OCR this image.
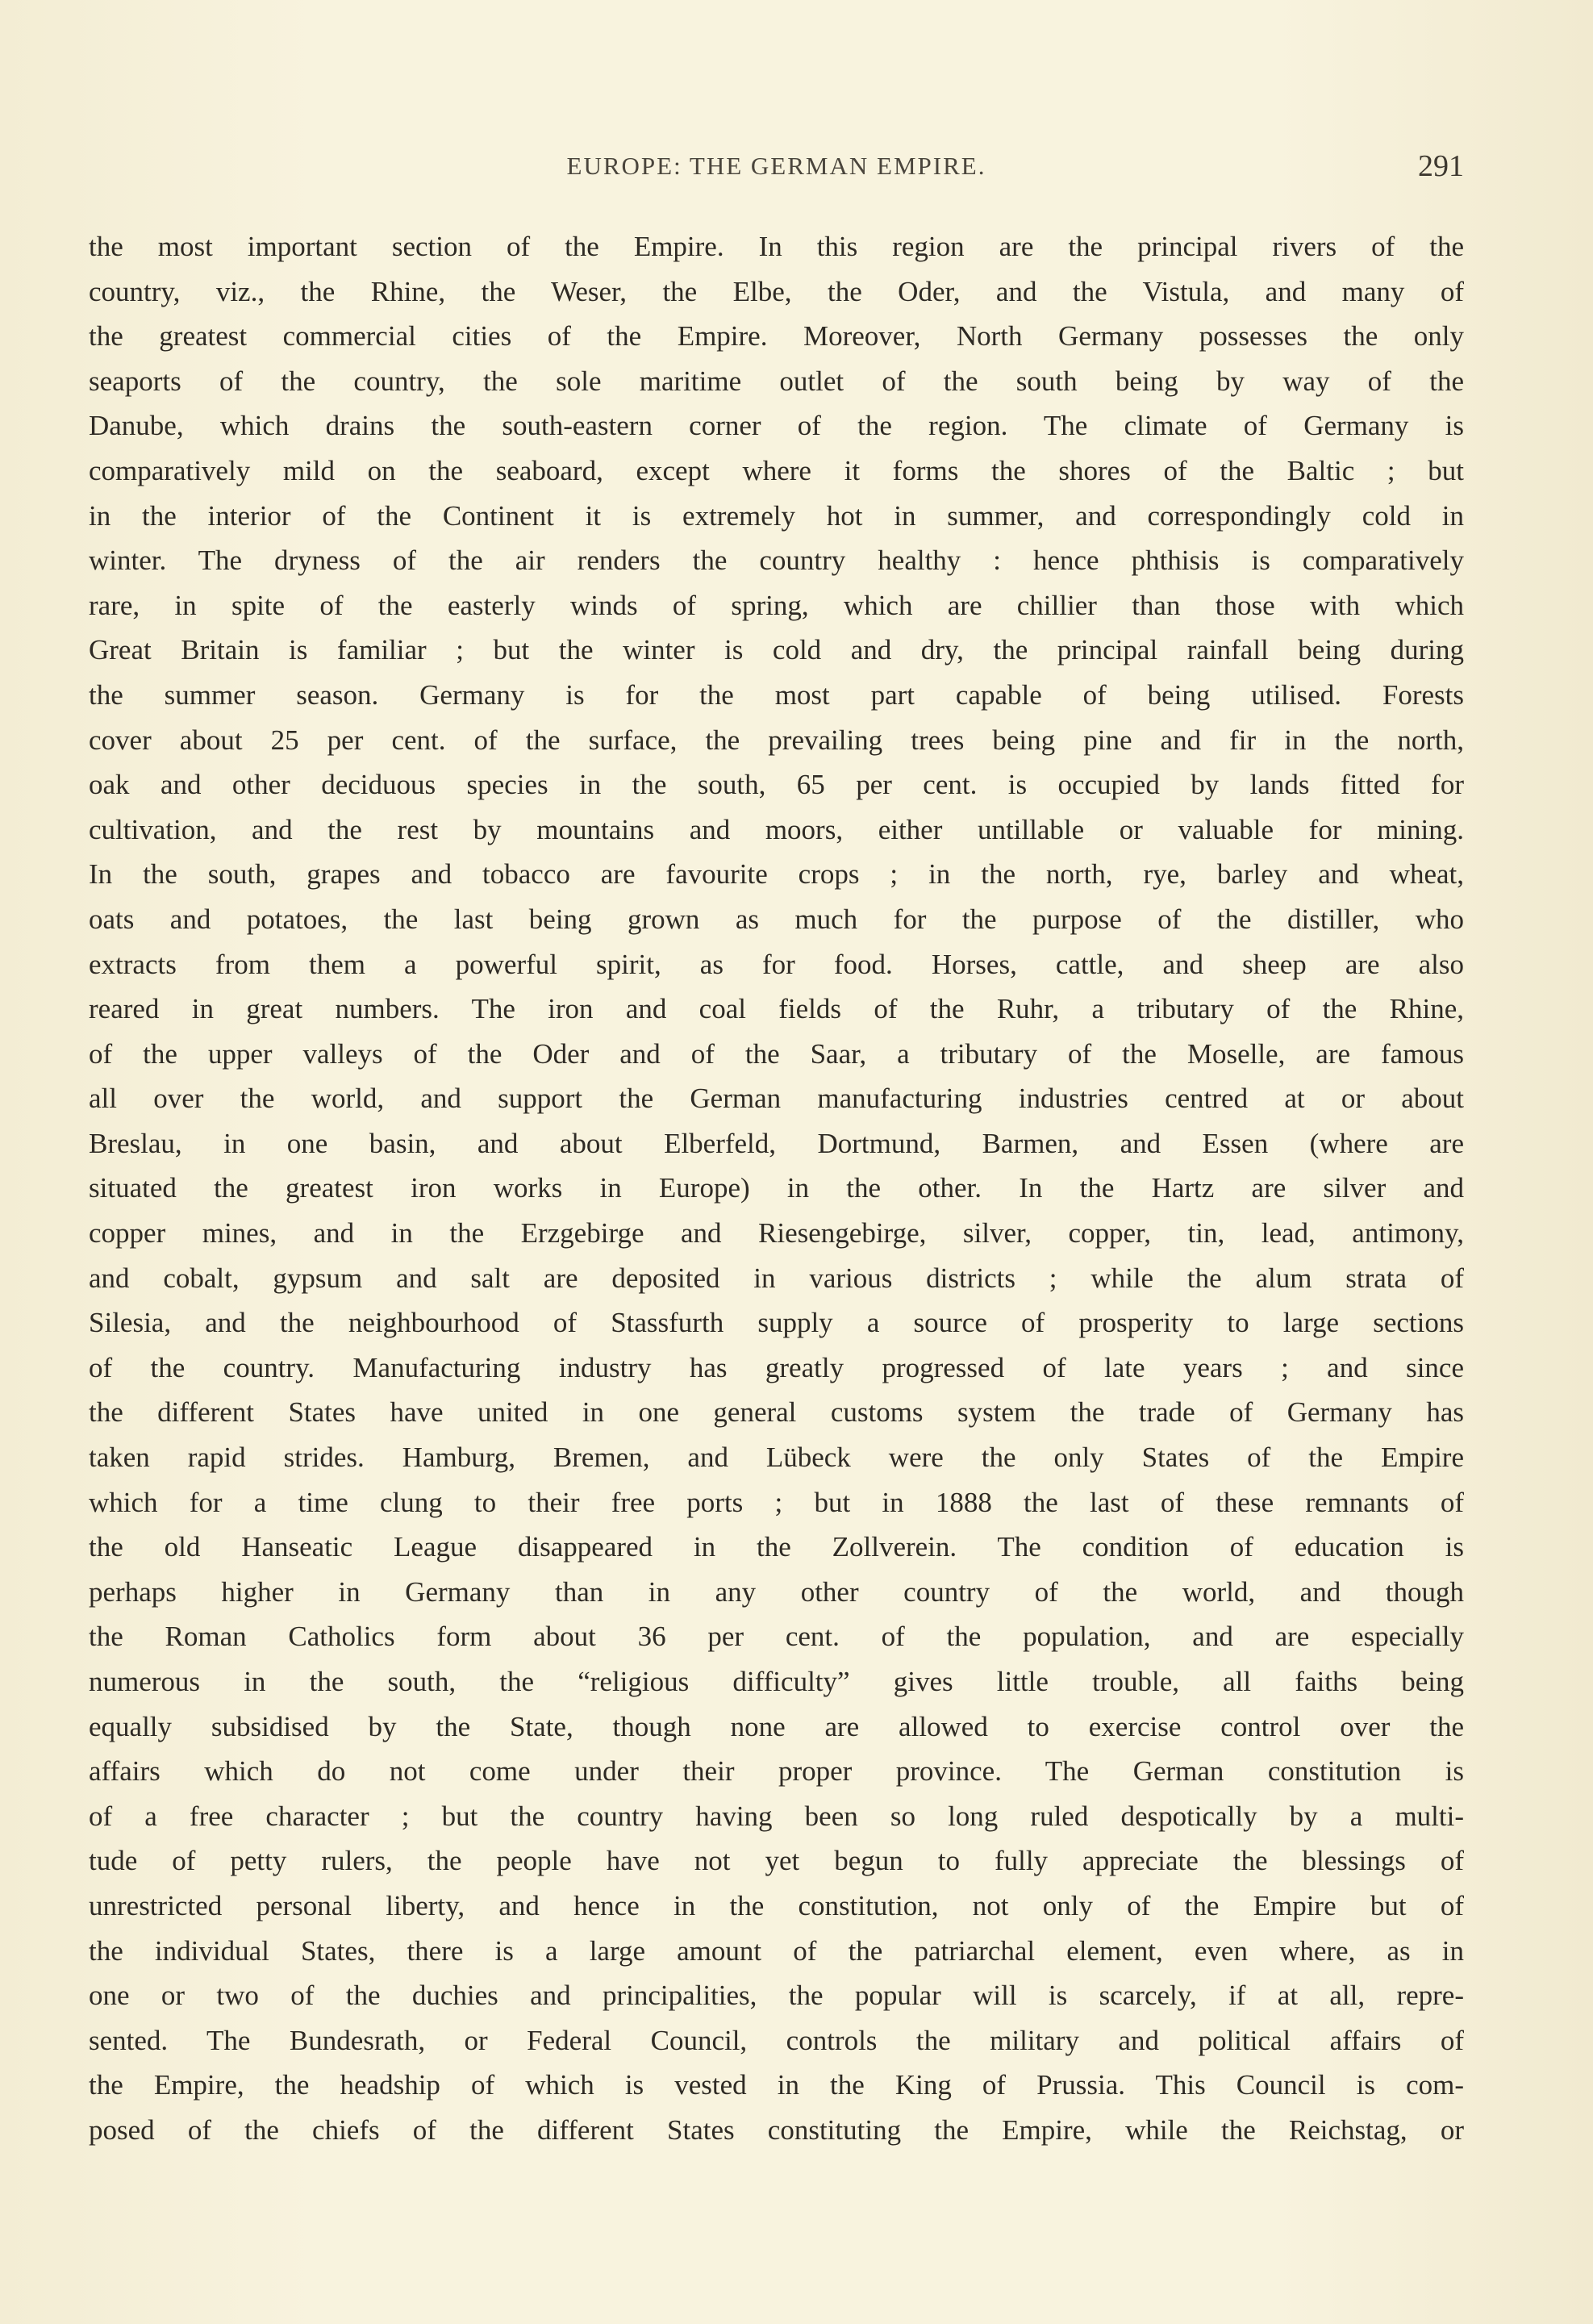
EUROPE: THE GERMAN EMPIRE.	291
the most important section of the Empire. In this region are the principal rivers of the
country, viz., the Rhine, the Weser, the Elbe, the Oder, and the Vistula, and many of
the greatest commercial cities of the Empire. Moreover, North Germany possesses the only
seaports of the country, the sole maritime outlet of the south being by way of the
Danube, which drains the south-eastern corner of the region. The climate of Germany is
comparatively mild on the seaboard, except where it forms the shores of the Baltic ; but
in the interior of the Continent it is extremely hot in summer, and correspondingly cold in
winter. The dryness of the air renders the country healthy : hence phthisis is comparatively
rare, in spite of the easterly winds of spring, which are chillier than those with which
Great Britain is familiar ; but the winter is cold and dry, the principal rainfall being during
the summer season. Germany is for the most part capable of being utilised. Forests
cover about 25 per cent. of the surface, the prevailing trees being pine and fir in the north,
oak and other deciduous species in the south, 65 per cent. is occupied by lands fitted for
cultivation, and the rest by mountains and moors, either untillable or valuable for mining.
In the south, grapes and tobacco are favourite crops ; in the north, rye, barley and wheat,
oats and potatoes, the last being grown as much for the purpose of the distiller, who
extracts from them a powerful spirit, as for food. Horses, cattle, and sheep are also
reared in great numbers. The iron and coal fields of the Ruhr, a tributary of the Rhine,
of the upper valleys of the Oder and of the Saar, a tributary of the Moselle, are famous
all over the world, and support the German manufacturing industries centred at or about
Breslau, in one basin, and about Elberfeld, Dortmund, Barmen, and Essen (where are
situated the greatest iron works in Europe) in the other. In the Hartz are silver and
copper mines, and in the Erzgebirge and Riesengebirge, silver, copper, tin, lead, antimony,
and cobalt, gypsum and salt are deposited in various districts ; while the alum strata of
Silesia, and the neighbourhood of Stassfurth supply a source of prosperity to large sections
of the country. Manufacturing industry has greatly progressed of late years ; and since
the different States have united in one general customs system the trade of Germany has
taken rapid strides. Hamburg, Bremen, and Lübeck were the only States of the Empire
which for a time clung to their free ports ; but in 1888 the last of these remnants of
the old Hanseatic League disappeared in the Zollverein. The condition of education is
perhaps higher in Germany than in any other country of the world, and though
the Roman Catholics form about 36 per cent. of the population, and are especially
numerous in the south, the “religious difficulty” gives little trouble, all faiths being
equally subsidised by the State, though none are allowed to exercise control over the
affairs which do not come under their proper province. The German constitution is
of a free character ; but the country having been so long ruled despotically by a multi-
tude of petty rulers, the people have not yet begun to fully appreciate the blessings of
unrestricted personal liberty, and hence in the constitution, not only of the Empire but of
the individual States, there is a large amount of the patriarchal element, even where, as in
one or two of the duchies and principalities, the popular will is scarcely, if at all, repre-
sented. The Bundesrath, or Federal Council, controls the military and political affairs of
the Empire, the headship of which is vested in the King of Prussia. This Council is com-
posed of the chiefs of the different States constituting the Empire, while the Reichstag, or
